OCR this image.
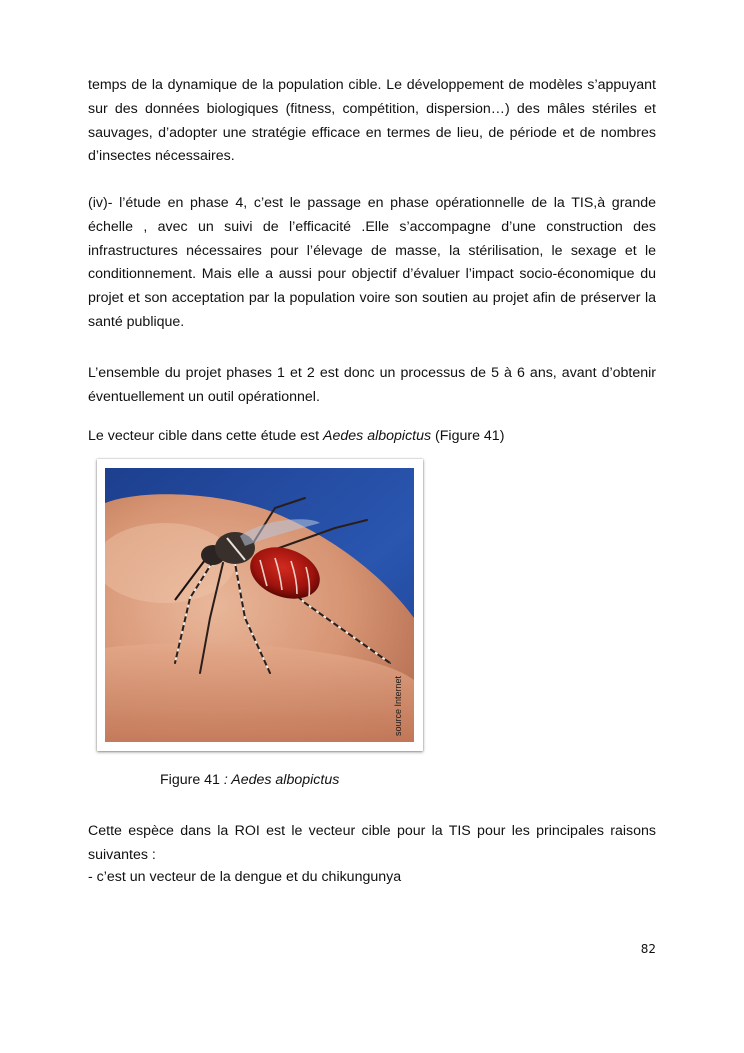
temps de la dynamique de la population cible. Le développement de modèles s’appuyant sur des données biologiques (fitness, compétition, dispersion…) des mâles stériles et sauvages, d’adopter une stratégie efficace en termes de lieu, de période et de nombres d’insectes nécessaires.

(iv)- l’étude en phase 4, c’est le passage en phase opérationnelle de la TIS,à grande échelle , avec un suivi de l’efficacité .Elle s’accompagne d’une construction des infrastructures nécessaires pour l’élevage de masse, la stérilisation, le sexage et le conditionnement. Mais elle a aussi pour objectif d’évaluer l’impact socio-économique du projet et son acceptation par la population voire son soutien au projet afin de préserver la santé publique.

L’ensemble du projet phases 1 et 2 est donc un processus de 5 à 6 ans, avant d’obtenir éventuellement un outil opérationnel.

Le vecteur cible dans cette étude est Aedes albopictus (Figure 41)

source Internet
Figure 41 : Aedes albopictus

Cette espèce dans la ROI est le vecteur cible pour la TIS pour les principales raisons suivantes :

- c’est un vecteur de la dengue et du chikungunya

82
